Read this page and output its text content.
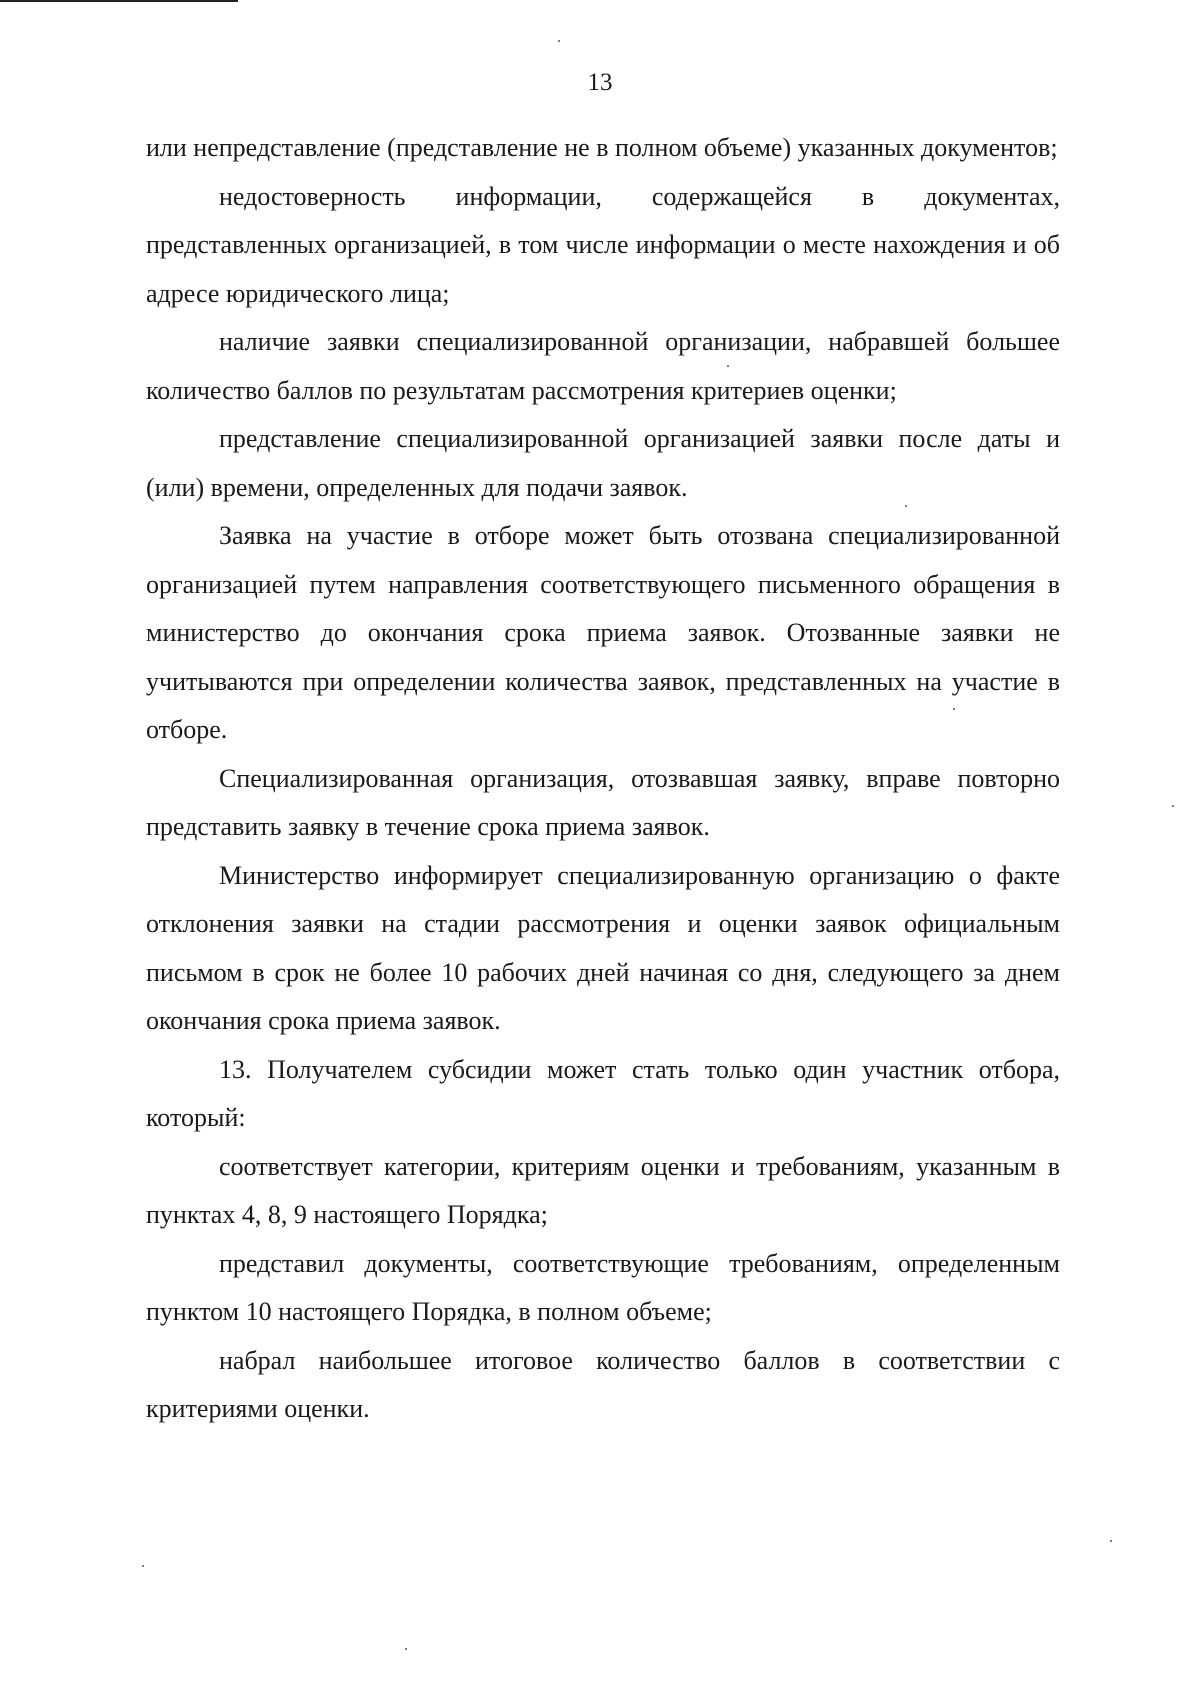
13

или непредставление (представление не в полном объеме) указанных документов;

недостоверность информации, содержащейся в документах, представленных организацией, в том числе информации о месте нахождения и об адресе юридического лица;

наличие заявки специализированной организации, набравшей большее количество баллов по результатам рассмотрения критериев оценки;

представление специализированной организацией заявки после даты и (или) времени, определенных для подачи заявок.

Заявка на участие в отборе может быть отозвана специализированной организацией путем направления соответствующего письменного обращения в министерство до окончания срока приема заявок. Отозванные заявки не учитываются при определении количества заявок, представленных на участие в отборе.

Специализированная организация, отозвавшая заявку, вправе повторно представить заявку в течение срока приема заявок.

Министерство информирует специализированную организацию о факте отклонения заявки на стадии рассмотрения и оценки заявок официальным письмом в срок не более 10 рабочих дней начиная со дня, следующего за днем окончания срока приема заявок.

13. Получателем субсидии может стать только один участник отбора, который:

соответствует категории, критериям оценки и требованиям, указанным в пунктах 4, 8, 9 настоящего Порядка;

представил документы, соответствующие требованиям, определенным пунктом 10 настоящего Порядка, в полном объеме;

набрал наибольшее итоговое количество баллов в соответствии с критериями оценки.
